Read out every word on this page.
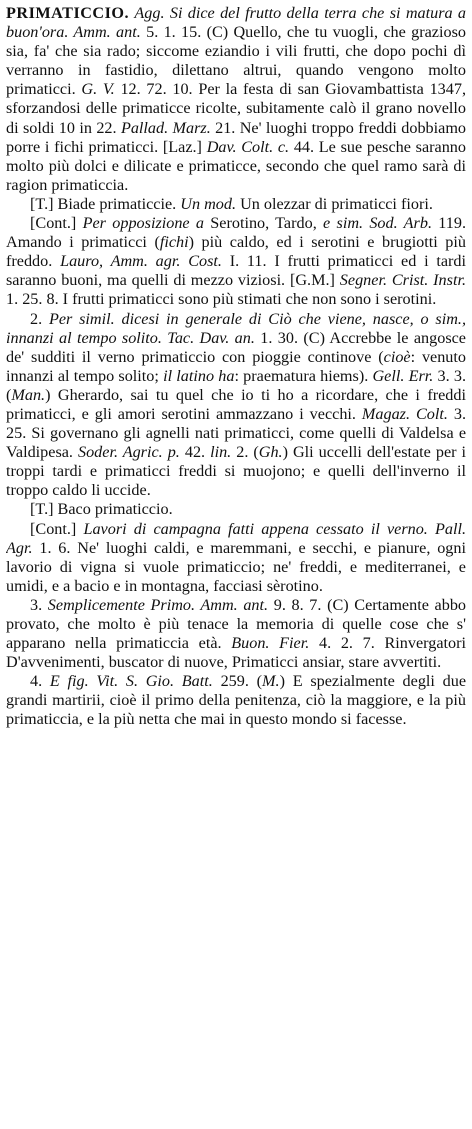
PRIMATICCIO. Agg. Si dice del frutto della terra che si matura a buon'ora. Amm. ant. 5. 1. 15. (C) Quello, che tu vuogli, che grazioso sia, fa' che sia rado; siccome eziandio i vili frutti, che dopo pochi dì verranno in fastidio, dilettano altrui, quando vengono molto primaticci. G. V. 12. 72. 10. Per la festa di san Giovambattista 1347, sforzandosi delle primaticce ricolte, subitamente calò il grano novello di soldi 10 in 22. Pallad. Marz. 21. Ne' luoghi troppo freddi dobbiamo porre i fichi primaticci. [Laz.] Dav. Colt. c. 44. Le sue pesche saranno molto più dolci e dilicate e primaticce, secondo che quel ramo sarà di ragion primaticcia.

[T.] Biade primaticcie. Un mod. Un olezzar di primaticci fiori.

[Cont.] Per opposizione a Serotino, Tardo, e sim. Sod. Arb. 119. Amando i primaticci (fichi) più caldo, ed i serotini e brugiotti più freddo. Lauro, Amm. agr. Cost. I. 11. I frutti primaticci ed i tardi saranno buoni, ma quelli di mezzo viziosi. [G.M.] Segner. Crist. Instr. 1. 25. 8. I frutti primaticci sono più stimati che non sono i serotini.

2. Per simil. dicesi in generale di Ciò che viene, nasce, o sim., innanzi al tempo solito. Tac. Dav. an. 1. 30. (C) Accrebbe le angosce de' sudditi il verno primaticcio con pioggie continove (cioè: venuto innanzi al tempo solito; il latino ha: praematura hiems). Gell. Err. 3. 3. (Man.) Gherardo, sai tu quel che io ti ho a ricordare, che i freddi primaticci, e gli amori serotini ammazzano i vecchi. Magaz. Colt. 3. 25. Si governano gli agnelli nati primaticci, come quelli di Valdelsa e Valdipesa. Soder. Agric. p. 42. lin. 2. (Gh.) Gli uccelli dell'estate per i troppi tardi e primaticci freddi si muojono; e quelli dell'inverno il troppo caldo li uccide.

[T.] Baco primaticcio.

[Cont.] Lavori di campagna fatti appena cessato il verno. Pall. Agr. 1. 6. Ne' luoghi caldi, e maremmani, e secchi, e pianure, ogni lavorio di vigna si vuole primaticcio; ne' freddi, e mediterranei, e umidi, e a bacio e in montagna, facciasi sèrotino.

3. Semplicemente Primo. Amm. ant. 9. 8. 7. (C) Certamente abbo provato, che molto è più tenace la memoria di quelle cose che s' apparano nella primaticcia età. Buon. Fier. 4. 2. 7. Rinvergatori D'avvenimenti, buscator di nuove, Primaticci ansiar, stare avvertiti.

4. E fig. Vit. S. Gio. Batt. 259. (M.) E spezialmente degli due grandi martirii, cioè il primo della penitenza, ciò la maggiore, e la più primaticcia, e la più netta che mai in questo mondo si facesse.
